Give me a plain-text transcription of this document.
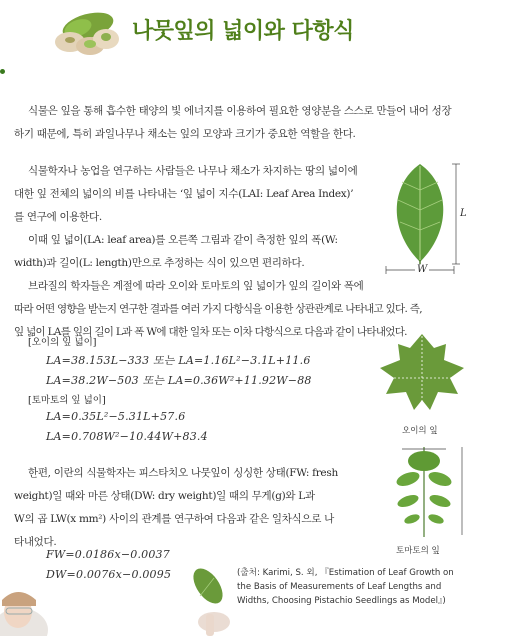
나뭇잎의 넓이와 다항식

식물은 잎을 통해 흡수한 태양의 빛 에너지를 이용하여 필요한 영양분을 스스로 만들어 내어 성장

하기 때문에, 특히 과일나무나 채소는 잎의 모양과 크기가 중요한 역할을 한다.

식물학자나 농업을 연구하는 사람들은 나무나 채소가 차지하는 땅의 넓이에

대한 잎 전체의 넓이의 비를 나타내는 ‘잎 넓이 지수(LAI: Leaf Area Index)’

를 연구에 이용한다.

이때 잎 넓이(LA: leaf area)를 오른쪽 그림과 같이 측정한 잎의 폭(W:

width)과 길이(L: length)만으로 추정하는 식이 있으면 편리하다.

브라질의 학자들은 계절에 따라 오이와 토마토의 잎 넓이가 잎의 길이와 폭에

따라 어떤 영향을 받는지 연구한 결과를 여러 가지 다항식을 이용한 상관관계로 나타내고 있다. 즉,

잎 넓이 LA를 잎의 길이 L과 폭 W에 대한 일차 또는 이차 다항식으로 다음과 같이 나타내었다.

L
W
[오이의 잎 넓이]
LA=38.153L−333 또는 LA=1.16L²−3.1L+11.6
LA=38.2W−503 또는 LA=0.36W²+11.92W−88
[토마토의 잎 넓이]
LA=0.35L²−5.31L+57.6
LA=0.708W²−10.44W+83.4	오이의 잎
토마토의 잎

한편, 이란의 식물학자는 피스타치오 나뭇잎이 싱싱한 상태(FW: fresh

weight)일 때와 마른 상태(DW: dry weight)일 때의 무게(g)와 L과

W의 곱 LW(x mm²) 사이의 관계를 연구하여 다음과 같은 일차식으로 나

타내었다.

FW=0.0186x−0.0037
DW=0.0076x−0.0095	(출처: Karimi, S. 외, 『Estimation of Leaf Growth on

the Basis of Measurements of Leaf Lengths and

Widths, Choosing Pistachio Seedlings as Model』)
